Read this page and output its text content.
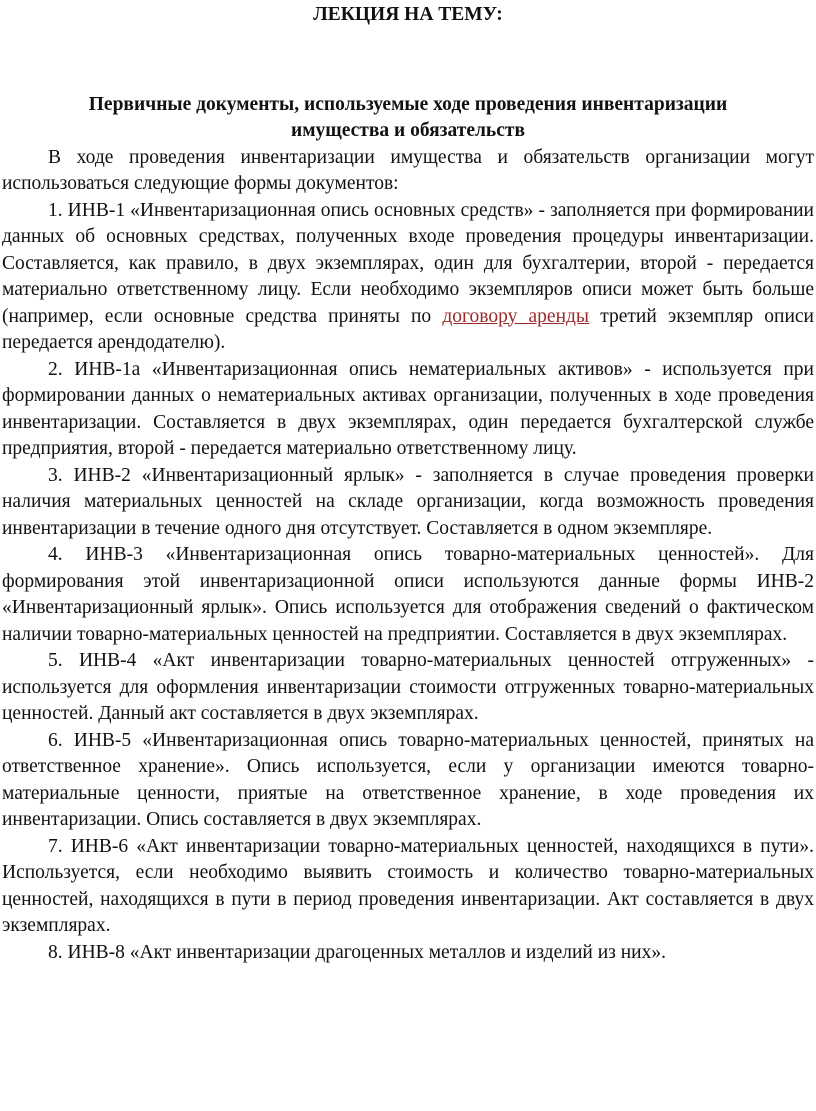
ЛЕКЦИЯ НА ТЕМУ:
Первичные документы, используемые ходе проведения инвентаризации
имущества и обязательств

В ходе проведения инвентаризации имущества и обязательств организации могут использоваться следующие формы документов:

1. ИНВ-1 «Инвентаризационная опись основных средств» - заполняется при формировании данных об основных средствах, полученных входе проведения процедуры инвентаризации. Составляется, как правило, в двух экземплярах, один для бухгалтерии, второй - передается материально ответственному лицу. Если необходимо экземпляров описи может быть больше (например, если основные средства приняты по договору аренды третий экземпляр описи передается арендодателю).

2. ИНВ-1а «Инвентаризационная опись нематериальных активов» - используется при формировании данных о нематериальных активах организации, полученных в ходе проведения инвентаризации. Составляется в двух экземплярах, один передается бухгалтерской службе предприятия, второй - передается материально ответственному лицу.

3. ИНВ-2 «Инвентаризационный ярлык» - заполняется в случае проведения проверки наличия материальных ценностей на складе организации, когда возможность проведения инвентаризации в течение одного дня отсутствует. Составляется в одном экземпляре.

4. ИНВ-3 «Инвентаризационная опись товарно-материальных ценностей». Для формирования этой инвентаризационной описи используются данные формы ИНВ-2 «Инвентаризационный ярлык». Опись используется для отображения сведений о фактическом наличии товарно-материальных ценностей на предприятии. Составляется в двух экземплярах.

5. ИНВ-4 «Акт инвентаризации товарно-материальных ценностей отгруженных» - используется для оформления инвентаризации стоимости отгруженных товарно-материальных ценностей. Данный акт составляется в двух экземплярах.

6. ИНВ-5 «Инвентаризационная опись товарно-материальных ценностей, принятых на ответственное хранение». Опись используется, если у организации имеются товарно-материальные ценности, приятые на ответственное хранение, в ходе проведения их инвентаризации. Опись составляется в двух экземплярах.

7. ИНВ-6 «Акт инвентаризации товарно-материальных ценностей, находящихся в пути». Используется, если необходимо выявить стоимость и количество товарно-материальных ценностей, находящихся в пути в период проведения инвентаризации. Акт составляется в двух экземплярах.

8. ИНВ-8 «Акт инвентаризации драгоценных металлов и изделий из них».
